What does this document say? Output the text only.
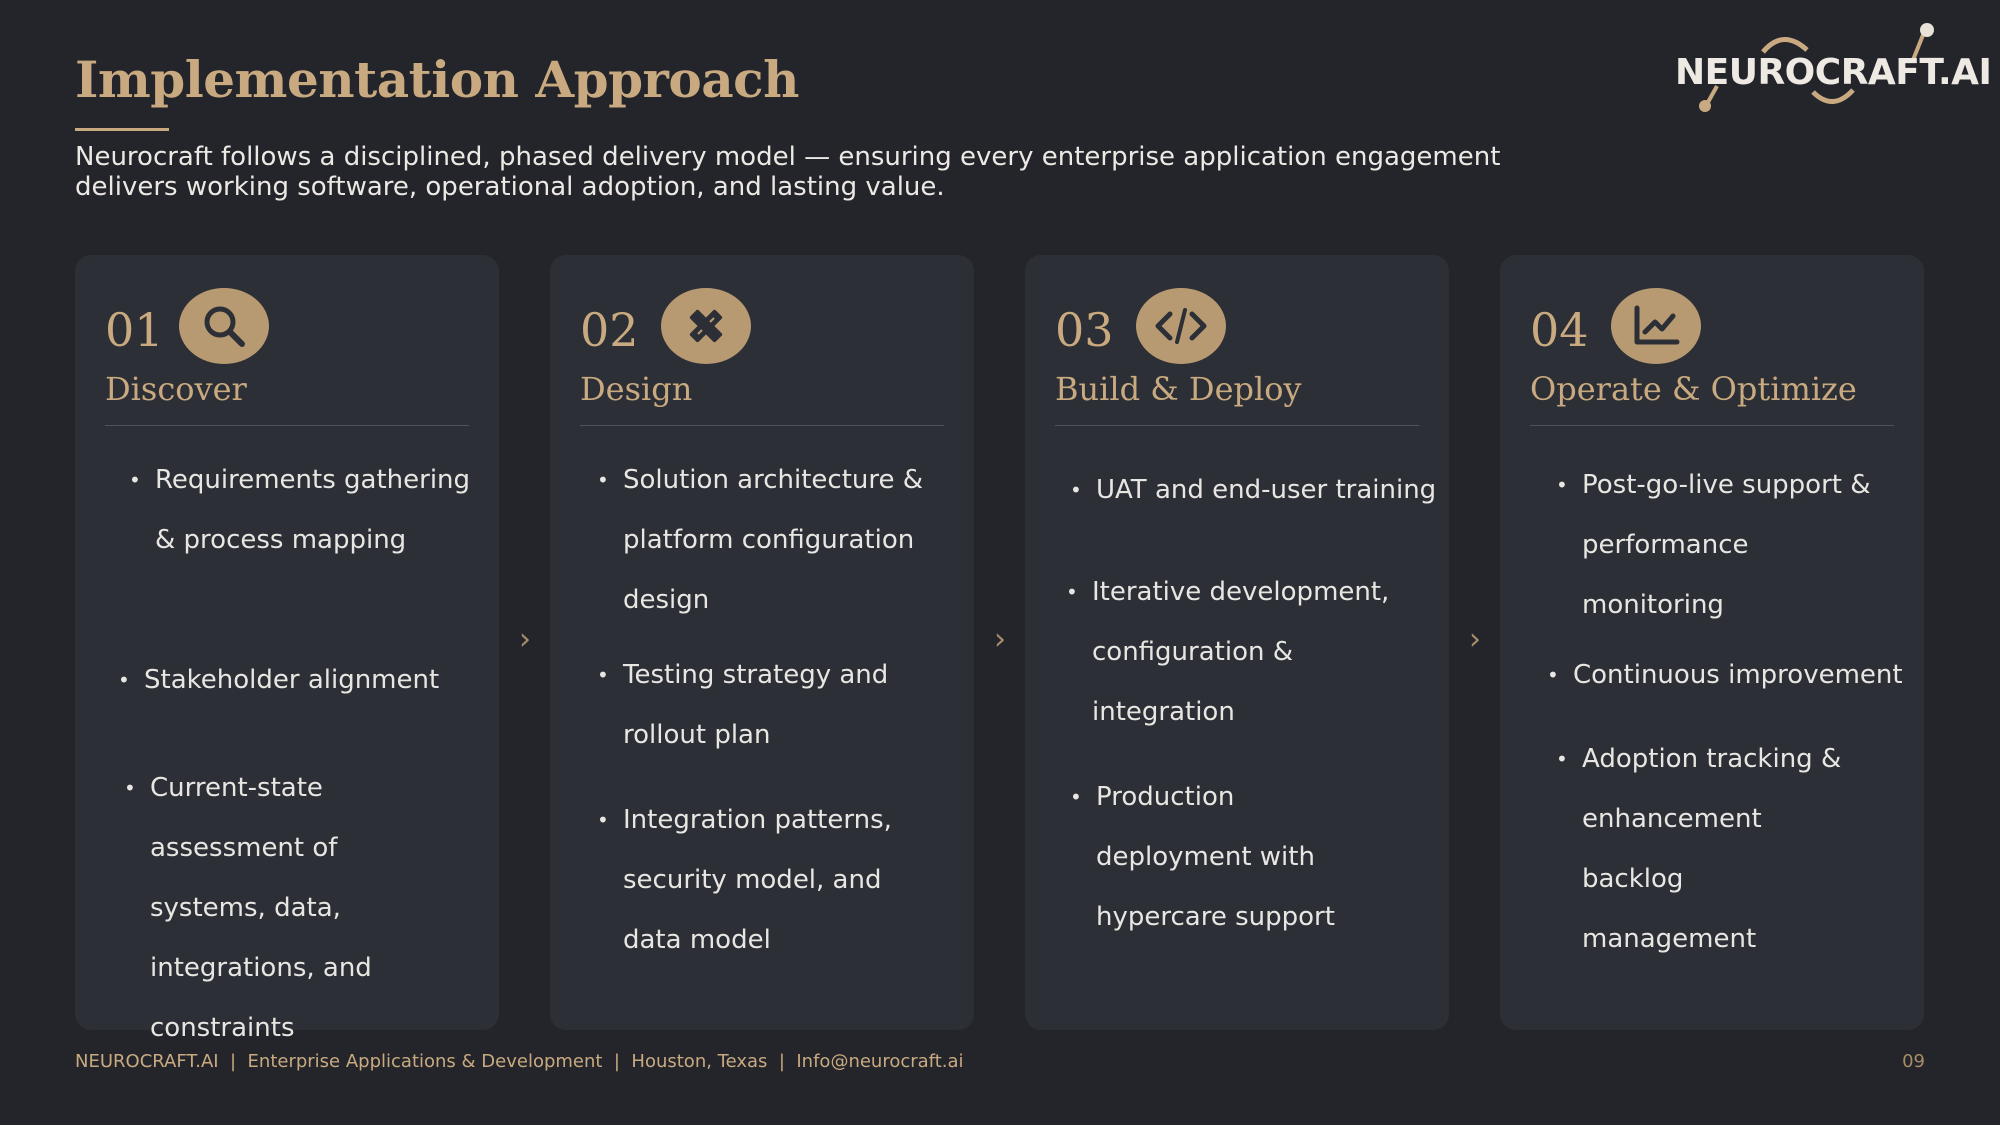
Implementation Approach

Neurocraft follows a disciplined, phased delivery model — ensuring every enterprise application engagement delivers working software, operational adoption, and lasting value.

NEUROCRAFT.AI
01
Discover
• Requirements gathering & process mapping
• Stakeholder alignment
• Current-state assessment of systems, data, integrations, and constraints
›
02
Design
• Solution architecture & platform configuration design
• Testing strategy and rollout plan
• Integration patterns, security model, and data model
›
03
Build & Deploy
• UAT and end-user training
• Iterative development, configuration & integration
• Production deployment with hypercare support
›
04
Operate & Optimize
• Post-go-live support & performance monitoring
• Continuous improvement
• Adoption tracking & enhancement backlog management
NEUROCRAFT.AI  |  Enterprise Applications & Development  |  Houston, Texas  |  Info@neurocraft.ai	09
